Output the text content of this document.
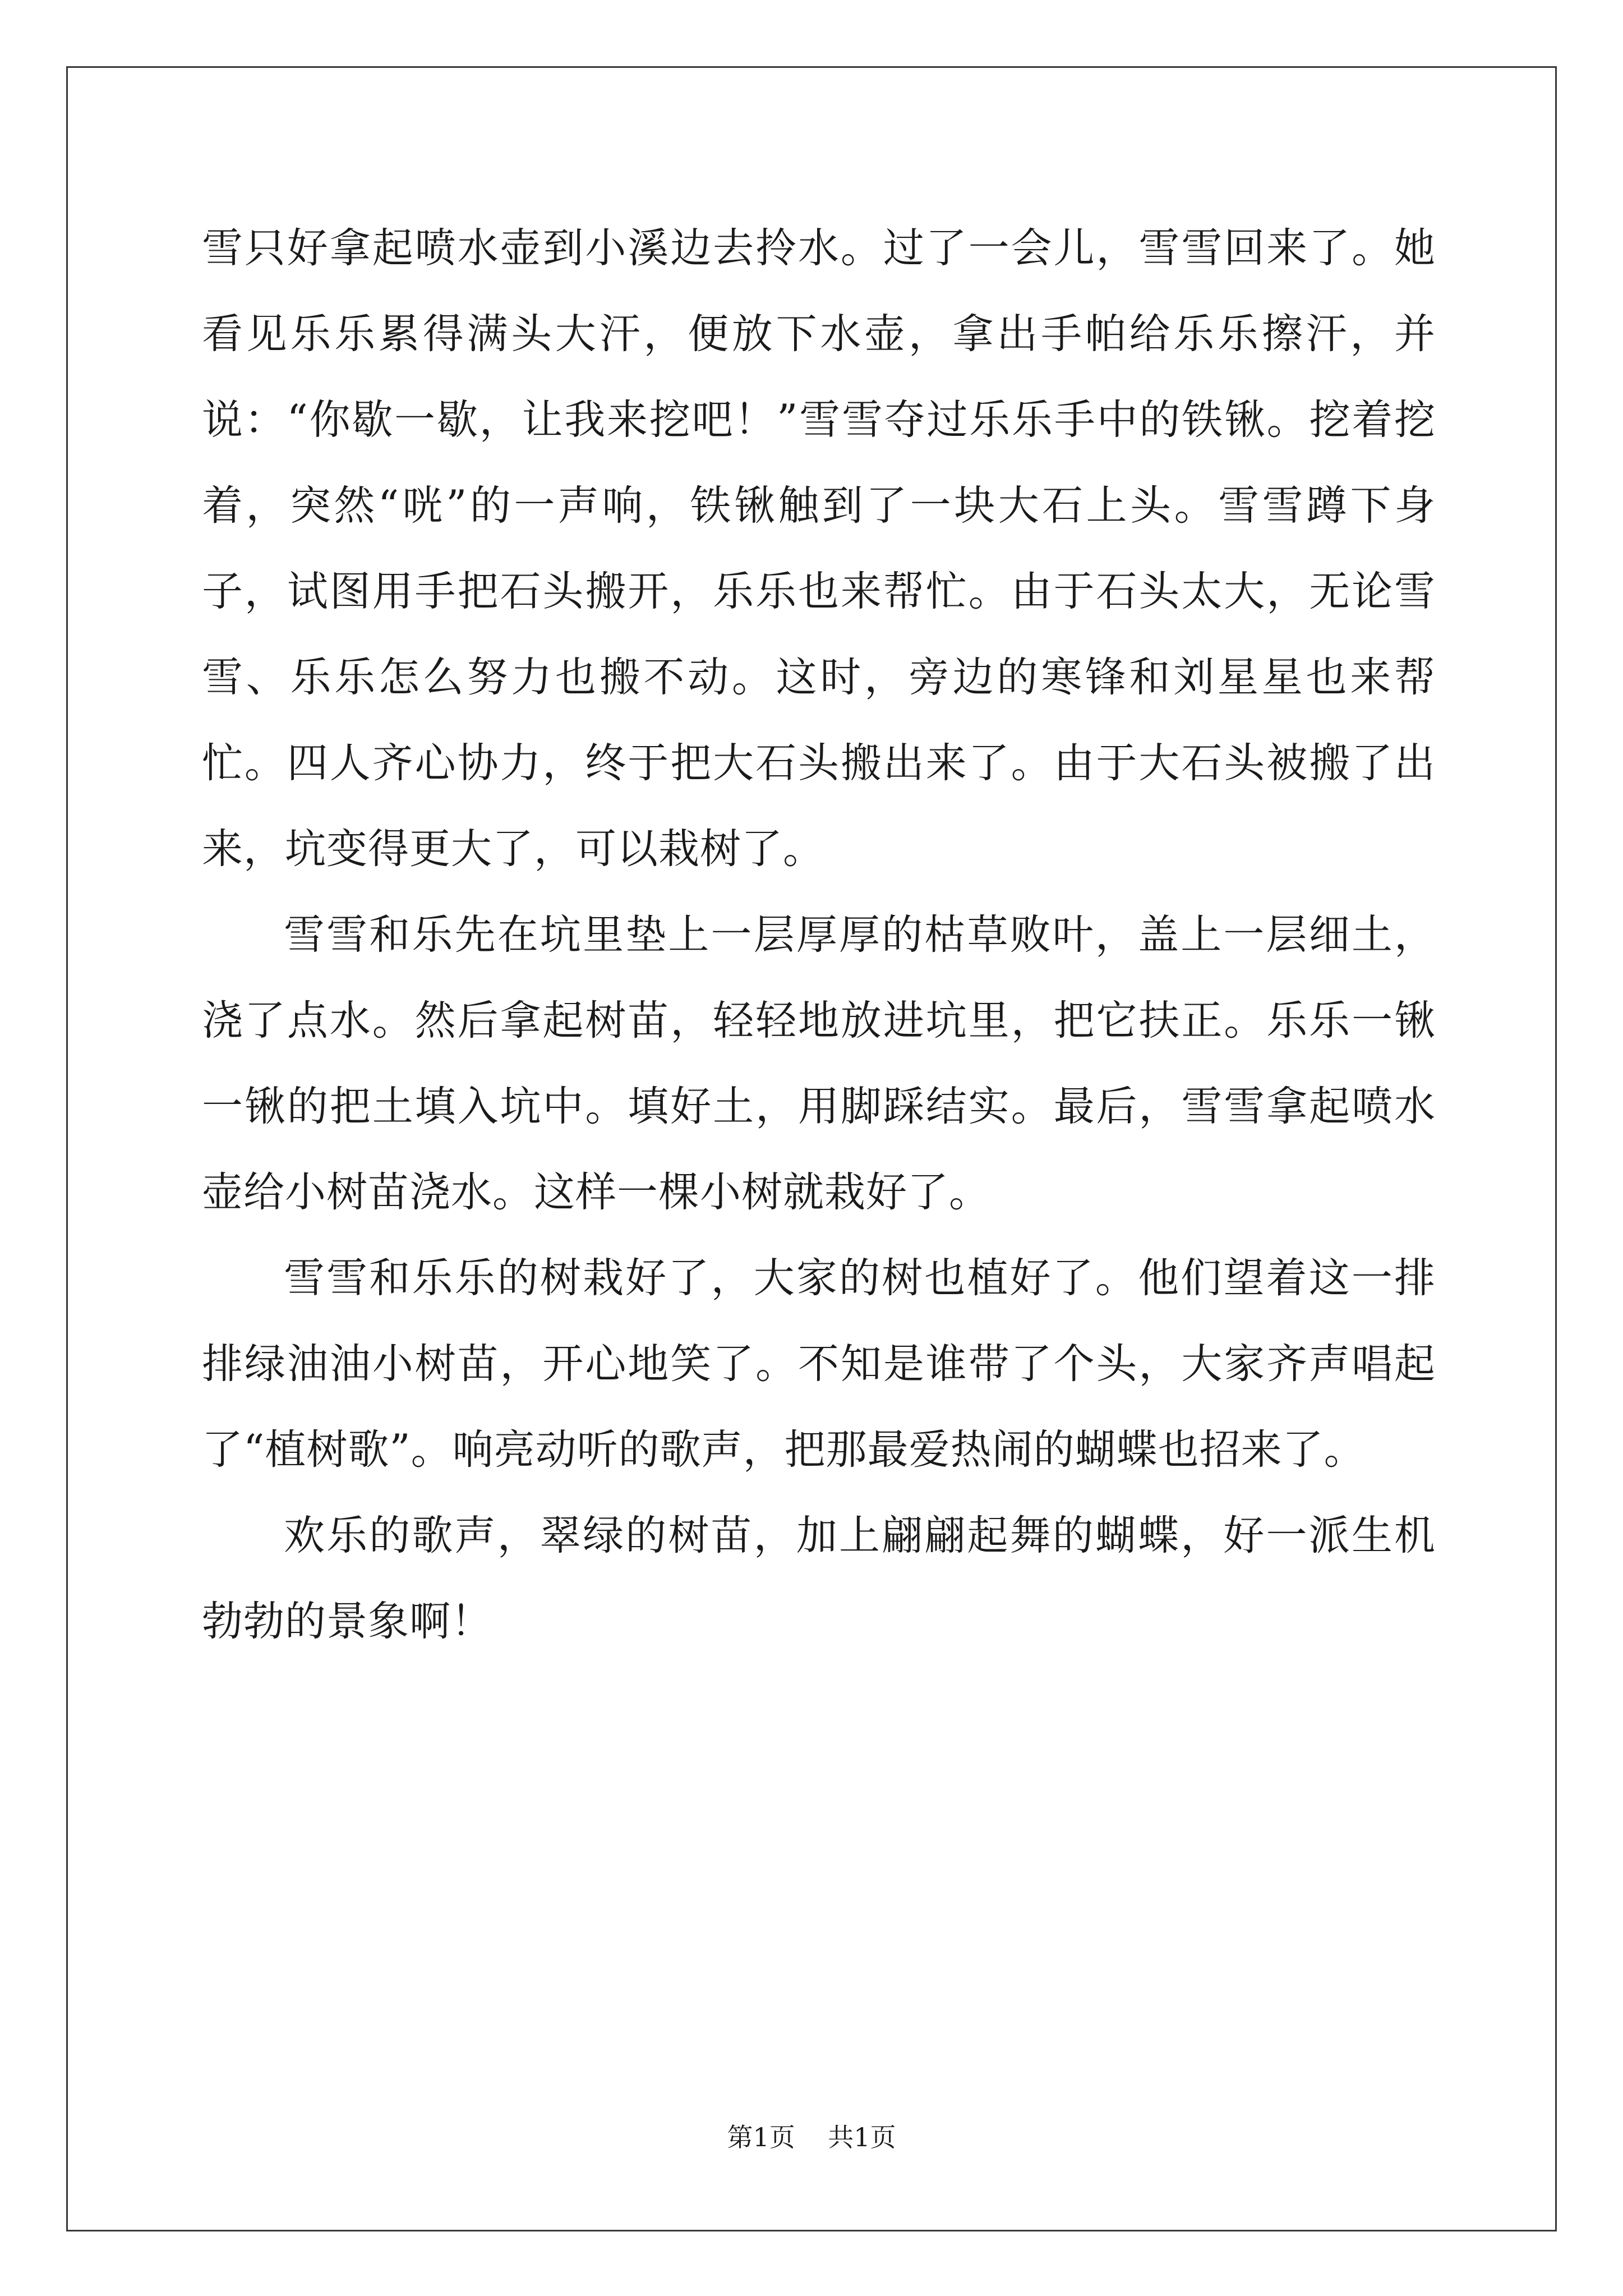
雪只好拿起喷水壶到小溪边去拎水。过了一会儿，雪雪回来了。她看见乐乐累得满头大汗，便放下水壶，拿出手帕给乐乐擦汗，并说：“你歇一歇，让我来挖吧！”雪雪夺过乐乐手中的铁锹。挖着挖着，突然“咣”的一声响，铁锹触到了一块大石上头。雪雪蹲下身子，试图用手把石头搬开，乐乐也来帮忙。由于石头太大，无论雪雪、乐乐怎么努力也搬不动。这时，旁边的寒锋和刘星星也来帮忙。四人齐心协力，终于把大石头搬出来了。由于大石头被搬了出来，坑变得更大了，可以栽树了。

雪雪和乐先在坑里垫上一层厚厚的枯草败叶，盖上一层细土，浇了点水。然后拿起树苗，轻轻地放进坑里，把它扶正。乐乐一锹一锹的把土填入坑中。填好土，用脚踩结实。最后，雪雪拿起喷水壶给小树苗浇水。这样一棵小树就栽好了。

雪雪和乐乐的树栽好了，大家的树也植好了。他们望着这一排排绿油油小树苗，开心地笑了。不知是谁带了个头，大家齐声唱起了“植树歌”。响亮动听的歌声，把那最爱热闹的蝴蝶也招来了。

欢乐的歌声，翠绿的树苗，加上翩翩起舞的蝴蝶，好一派生机勃勃的景象啊！

第1页 共1页
